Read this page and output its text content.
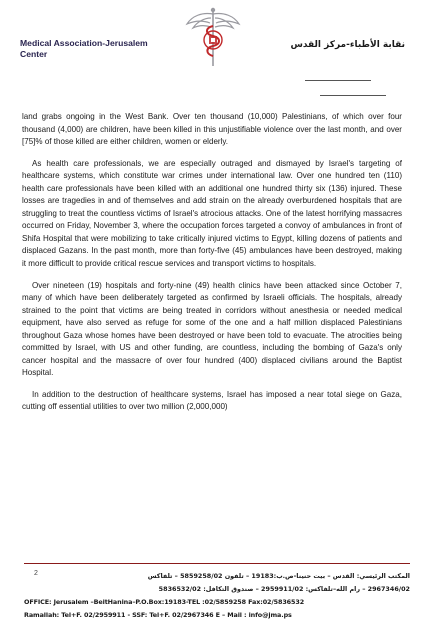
Medical Association-Jerusalem
Center
نقابة الأطباء-مركز القدس

land grabs ongoing in the West Bank. Over ten thousand (10,000) Palestinians, of which over four thousand (4,000) are children, have been killed in this unjustifiable violence over the last month, and over [75]% of those killed are either children, women or elderly.

As health care professionals, we are especially outraged and dismayed by Israel's targeting of healthcare systems, which constitute war crimes under international law. Over one hundred ten (110) health care professionals have been killed with an additional one hundred thirty six (136) injured. These losses are tragedies in and of themselves and add strain on the already overburdened hospitals that are struggling to treat the countless victims of Israel's atrocious attacks. One of the latest horrifying massacres occurred on Friday, November 3, where the occupation forces targeted a convoy of ambulances in front of Shifa Hospital that were mobilizing to take critically injured victims to Egypt, killing dozens of patients and displaced Gazans. In the past month, more than forty-five (45) ambulances have been destroyed, making it more difficult to provide critical rescue services and transport victims to hospitals.

Over nineteen (19) hospitals and forty-nine (49) health clinics have been attacked since October 7, many of which have been deliberately targeted as confirmed by Israeli officials. The hospitals, already strained to the point that victims are being treated in corridors without anesthesia or needed medical equipment, have also served as refuge for some of the one and a half million displaced Palestinians throughout Gaza whose homes have been destroyed or have been told to evacuate. The atrocities being committed by Israel, with US and other funding, are countless, including the bombing of Gaza's only cancer hospital and the massacre of over four hundred (400) displaced civilians around the Baptist Hospital.

In addition to the destruction of healthcare systems, Israel has imposed a near total siege on Gaza, cutting off essential utilities to over two million (2,000,000)

2	المكتب الرئيسي: القدس – بيت حنينا-ص.ب:19183 – تلفون 5859258/02 – تلفاكس
2967346/02 – رام الله–تلفاكس: 2959911/02 – صندوق التكافل: 5836532/02
OFFICE: Jerusalem –BeitHanina–P.O.Box:19183-TEL :02/5859258 Fax:02/5836532
Ramallah: Tel+F. 02/2959911 - SSF: Tel+F. 02/2967346 E – Mail : info@jma.ps
